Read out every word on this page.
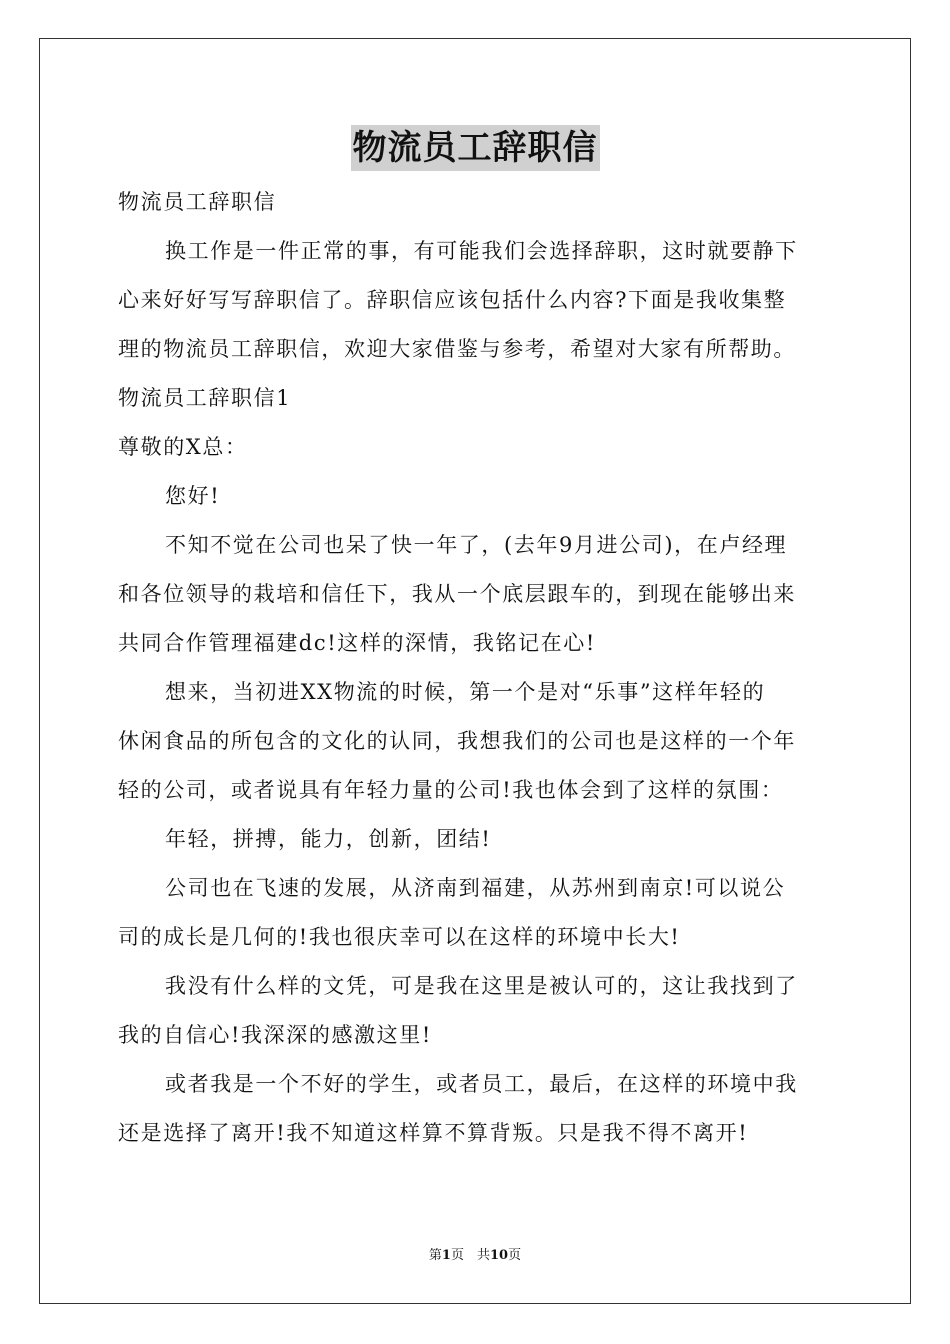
物流员工辞职信

物流员工辞职信

换工作是一件正常的事，有可能我们会选择辞职，这时就要静下

心来好好写写辞职信了。辞职信应该包括什么内容?下面是我收集整

理的物流员工辞职信，欢迎大家借鉴与参考，希望对大家有所帮助。

物流员工辞职信1

尊敬的X总：

您好!

不知不觉在公司也呆了快一年了，(去年9月进公司)，在卢经理

和各位领导的栽培和信任下，我从一个底层跟车的，到现在能够出来

共同合作管理福建dc!这样的深情，我铭记在心!

想来，当初进XX物流的时候，第一个是对“乐事”这样年轻的

休闲食品的所包含的文化的认同，我想我们的公司也是这样的一个年

轻的公司，或者说具有年轻力量的公司!我也体会到了这样的氛围：

年轻，拼搏，能力，创新，团结!

公司也在飞速的发展，从济南到福建，从苏州到南京!可以说公

司的成长是几何的!我也很庆幸可以在这样的环境中长大!

我没有什么样的文凭，可是我在这里是被认可的，这让我找到了

我的自信心!我深深的感激这里!

或者我是一个不好的学生，或者员工，最后，在这样的环境中我

还是选择了离开!我不知道这样算不算背叛。只是我不得不离开!

第1页　共10页
